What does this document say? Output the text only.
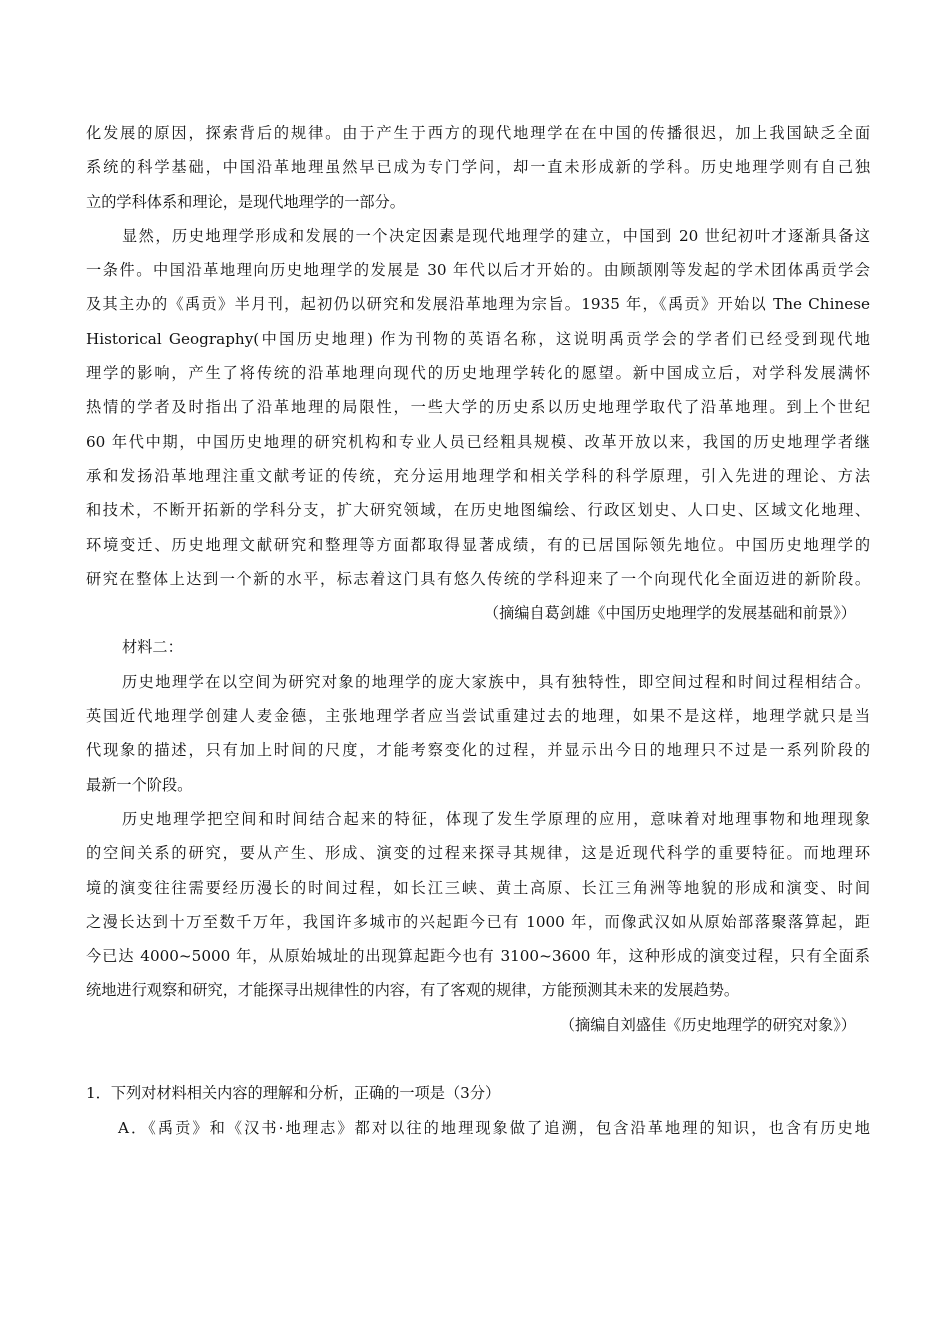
化发展的原因，探索背后的规律。由于产生于西方的现代地理学在在中国的传播很迟，加上我国缺乏全面
系统的科学基础，中国沿革地理虽然早已成为专门学问，却一直未形成新的学科。历史地理学则有自己独
立的学科体系和理论，是现代地理学的一部分。
显然，历史地理学形成和发展的一个决定因素是现代地理学的建立，中国到 20 世纪初叶才逐渐具备这
一条件。中国沿革地理向历史地理学的发展是 30 年代以后才开始的。由顾颉刚等发起的学术团体禹贡学会
及其主办的《禹贡》半月刊，起初仍以研究和发展沿革地理为宗旨。1935 年，《禹贡》开始以 The Chinese
Historical Geography(中国历史地理) 作为刊物的英语名称，这说明禹贡学会的学者们已经受到现代地
理学的影响，产生了将传统的沿革地理向现代的历史地理学转化的愿望。新中国成立后，对学科发展满怀
热情的学者及时指出了沿革地理的局限性，一些大学的历史系以历史地理学取代了沿革地理。到上个世纪
60 年代中期，中国历史地理的研究机构和专业人员已经粗具规模、改革开放以来，我国的历史地理学者继
承和发扬沿革地理注重文献考证的传统，充分运用地理学和相关学科的科学原理，引入先进的理论、方法
和技术，不断开拓新的学科分支，扩大研究领域，在历史地图编绘、行政区划史、人口史、区域文化地理、
环境变迁、历史地理文献研究和整理等方面都取得显著成绩，有的已居国际领先地位。中国历史地理学的
研究在整体上达到一个新的水平，标志着这门具有悠久传统的学科迎来了一个向现代化全面迈进的新阶段。
（摘编自葛剑雄《中国历史地理学的发展基础和前景》）
材料二：
历史地理学在以空间为研究对象的地理学的庞大家族中，具有独特性，即空间过程和时间过程相结合。
英国近代地理学创建人麦金德，主张地理学者应当尝试重建过去的地理，如果不是这样，地理学就只是当
代现象的描述，只有加上时间的尺度，才能考察变化的过程，并显示出今日的地理只不过是一系列阶段的
最新一个阶段。
历史地理学把空间和时间结合起来的特征，体现了发生学原理的应用，意味着对地理事物和地理现象
的空间关系的研究，要从产生、形成、演变的过程来探寻其规律，这是近现代科学的重要特征。而地理环
境的演变往往需要经历漫长的时间过程，如长江三峡、黄土高原、长江三角洲等地貌的形成和演变、时间
之漫长达到十万至数千万年，我国许多城市的兴起距今已有 1000 年，而像武汉如从原始部落聚落算起，距
今已达 4000~5000 年，从原始城址的出现算起距今也有 3100~3600 年，这种形成的演变过程，只有全面系
统地进行观察和研究，才能探寻出规律性的内容，有了客观的规律，方能预测其未来的发展趋势。
（摘编自刘盛佳《历史地理学的研究对象》）
1．下列对材料相关内容的理解和分析，正确的一项是（3分）
A．《禹贡》和《汉书·地理志》都对以往的地理现象做了追溯，包含沿革地理的知识，也含有历史地
